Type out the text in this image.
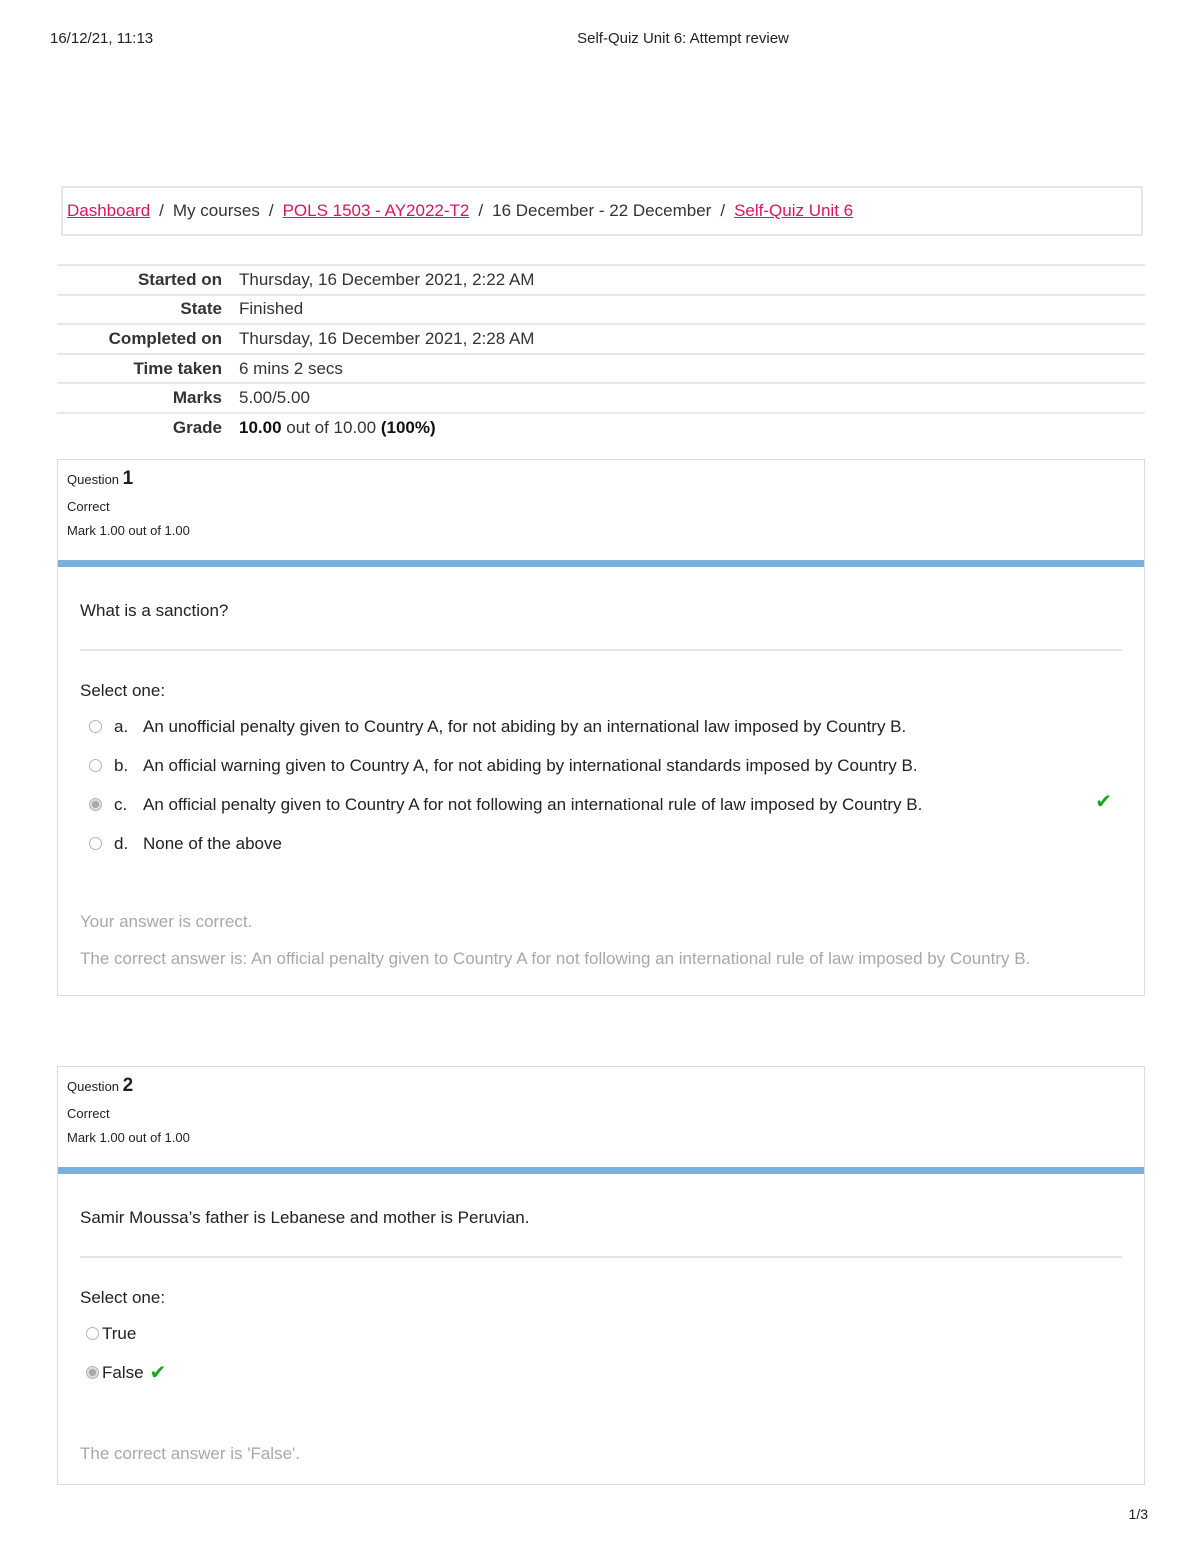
16/12/21, 11:13	Self-Quiz Unit 6: Attempt review
Dashboard / My courses / POLS 1503 - AY2022-T2 / 16 December - 22 December / Self-Quiz Unit 6
Started on	Thursday, 16 December 2021, 2:22 AM
State	Finished
Completed on	Thursday, 16 December 2021, 2:28 AM
Time taken	6 mins 2 secs
Marks	5.00/5.00
Grade	10.00 out of 10.00 (100%)
Question 1
Correct
Mark 1.00 out of 1.00
What is a sanction?
Select one:
a. An unofficial penalty given to Country A, for not abiding by an international law imposed by Country B.
b. An official warning given to Country A, for not abiding by international standards imposed by Country B.
c. An official penalty given to Country A for not following an international rule of law imposed by Country B.	✔
d. None of the above
Your answer is correct.
The correct answer is: An official penalty given to Country A for not following an international rule of law imposed by Country B.
Question 2
Correct
Mark 1.00 out of 1.00
Samir Moussa’s father is Lebanese and mother is Peruvian.
Select one:
True
False ✔
The correct answer is 'False'.
1/3
